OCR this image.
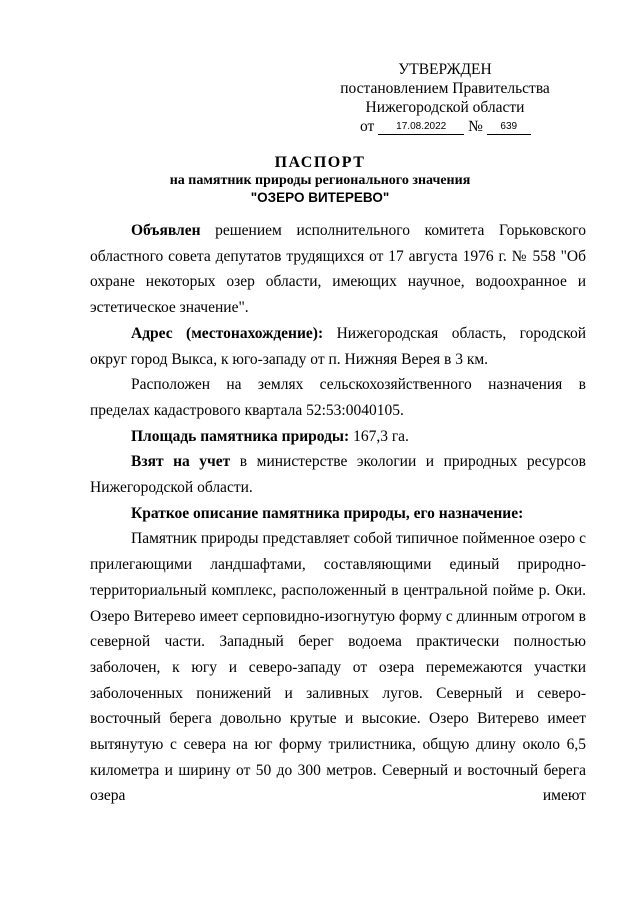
УТВЕРЖДЕН
постановлением Правительства
Нижегородской области
от 17.08.2022 № 639
ПАСПОРТ
на памятник природы регионального значения
"ОЗЕРО ВИТЕРЕВО"

Объявлен решением исполнительного комитета Горьковского областного совета депутатов трудящихся от 17 августа 1976 г. № 558 "Об охране некоторых озер области, имеющих научное, водоохранное и эстетическое значение".

Адрес (местонахождение): Нижегородская область, городской округ город Выкса, к юго-западу от п. Нижняя Верея в 3 км.

Расположен на землях сельскохозяйственного назначения в пределах кадастрового квартала 52:53:0040105.

Площадь памятника природы: 167,3 га.

Взят на учет в министерстве экологии и природных ресурсов Нижегородской области.

Краткое описание памятника природы, его назначение:

Памятник природы представляет собой типичное пойменное озеро с прилегающими ландшафтами, составляющими единый природно-территориальный комплекс, расположенный в центральной пойме р. Оки. Озеро Витерево имеет серповидно-изогнутую форму с длинным отрогом в северной части. Западный берег водоема практически полностью заболочен, к югу и северо-западу от озера перемежаются участки заболоченных понижений и заливных лугов. Северный и северо-восточный берега довольно крутые и высокие. Озеро Витерево имеет вытянутую с севера на юг форму трилистника, общую длину около 6,5 километра и ширину от 50 до 300 метров. Северный и восточный берега озера имеют
